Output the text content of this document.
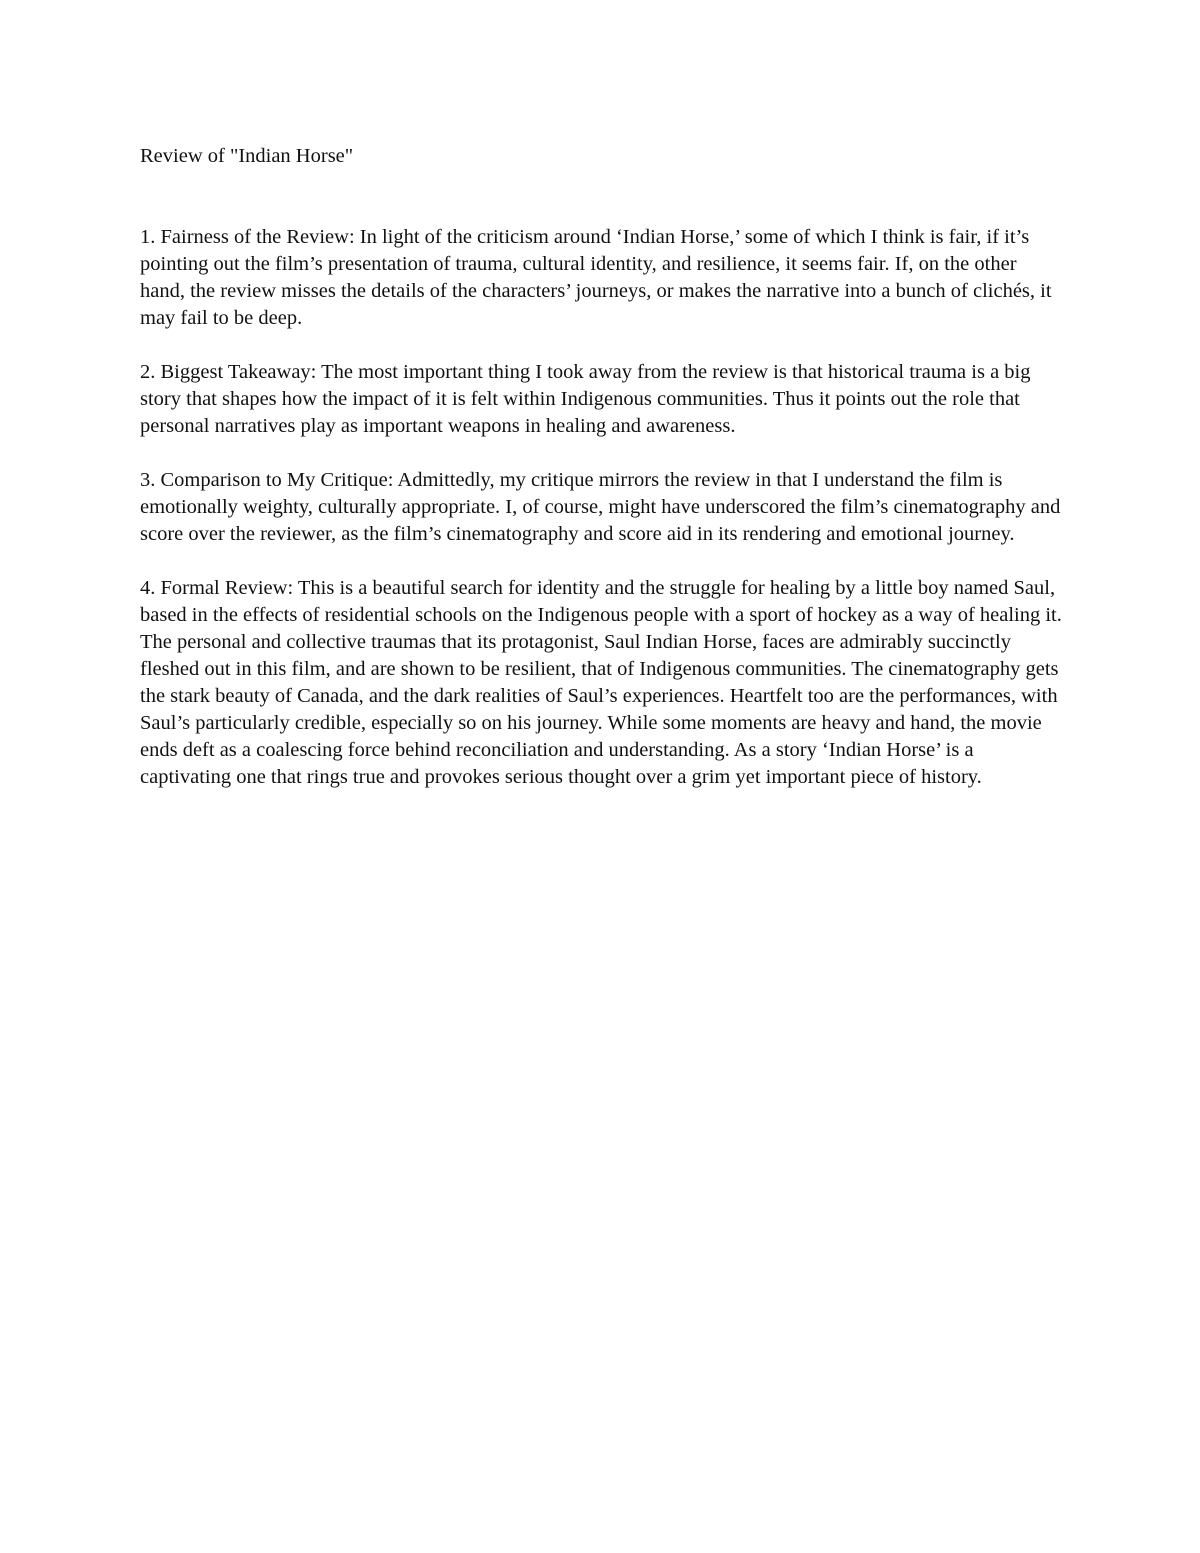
Review of "Indian Horse"

1. Fairness of the Review: In light of the criticism around ‘Indian Horse,’ some of which I think is fair, if it’s pointing out the film’s presentation of trauma, cultural identity, and resilience, it seems fair. If, on the other hand, the review misses the details of the characters’ journeys, or makes the narrative into a bunch of clichés, it may fail to be deep.

2. Biggest Takeaway: The most important thing I took away from the review is that historical trauma is a big story that shapes how the impact of it is felt within Indigenous communities. Thus it points out the role that personal narratives play as important weapons in healing and awareness.

3. Comparison to My Critique: Admittedly, my critique mirrors the review in that I understand the film is emotionally weighty, culturally appropriate. I, of course, might have underscored the film’s cinematography and score over the reviewer, as the film’s cinematography and score aid in its rendering and emotional journey.

4. Formal Review: This is a beautiful search for identity and the struggle for healing by a little boy named Saul, based in the effects of residential schools on the Indigenous people with a sport of hockey as a way of healing it. The personal and collective traumas that its protagonist, Saul Indian Horse, faces are admirably succinctly fleshed out in this film, and are shown to be resilient, that of Indigenous communities. The cinematography gets the stark beauty of Canada, and the dark realities of Saul’s experiences. Heartfelt too are the performances, with Saul’s particularly credible, especially so on his journey. While some moments are heavy and hand, the movie ends deft as a coalescing force behind reconciliation and understanding. As a story ‘Indian Horse’ is a captivating one that rings true and provokes serious thought over a grim yet important piece of history.
